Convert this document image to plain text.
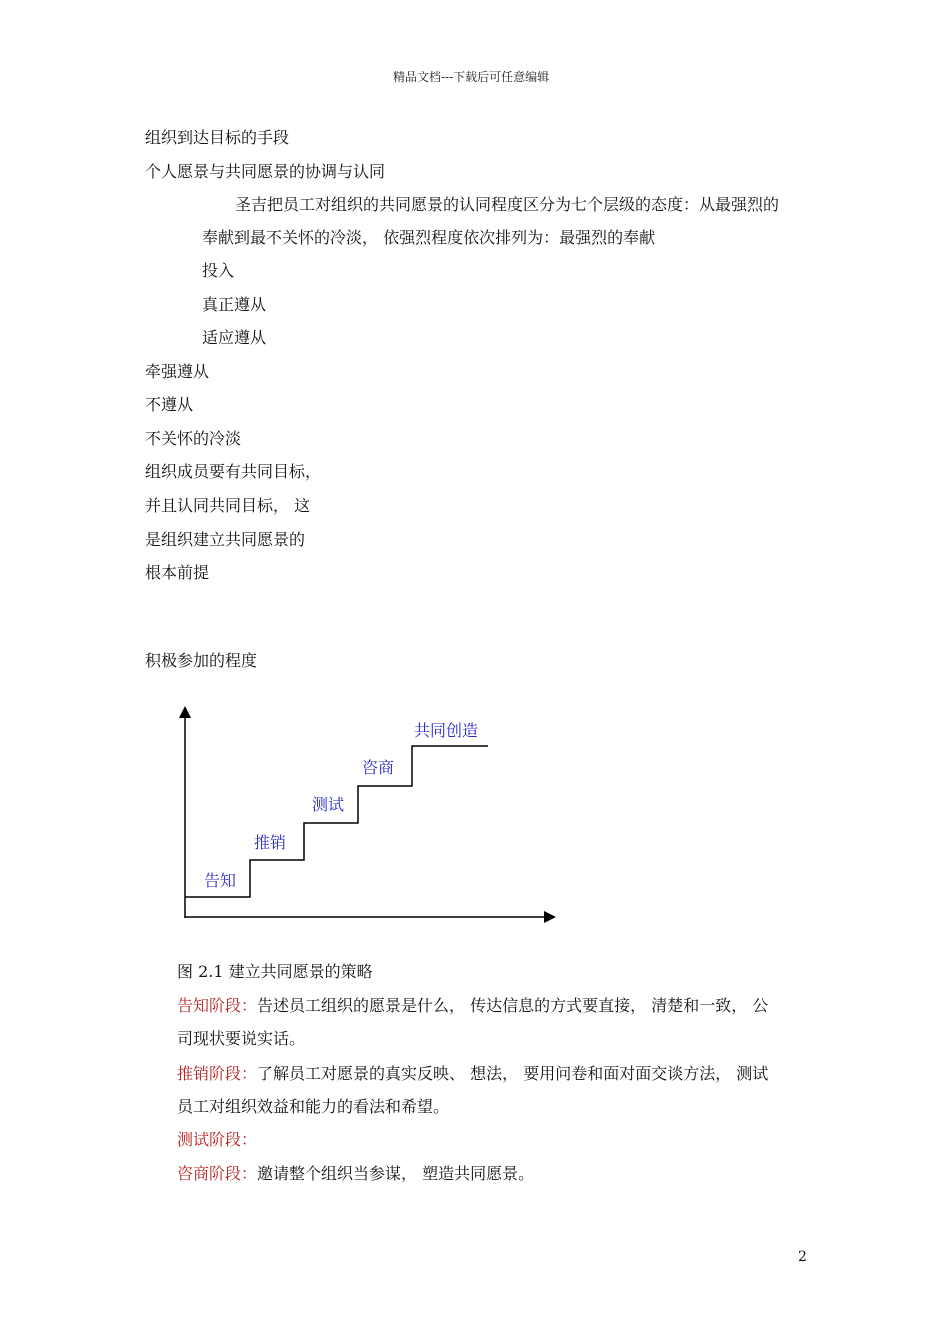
精品文档---下载后可任意编辑
组织到达目标的手段
个人愿景与共同愿景的协调与认同
圣吉把员工对组织的共同愿景的认同程度区分为七个层级的态度：从最强烈的
奉献到最不关怀的冷淡， 依强烈程度依次排列为：最强烈的奉献
投入
真正遵从
适应遵从
牵强遵从
不遵从
不关怀的冷淡
组织成员要有共同目标，
并且认同共同目标， 这
是组织建立共同愿景的
根本前提
积极参加的程度
告知
推销
测试
咨商
共同创造
图 2.1 建立共同愿景的策略
告知阶段：告述员工组织的愿景是什么， 传达信息的方式要直接， 清楚和一致， 公
司现状要说实话。
推销阶段：了解员工对愿景的真实反映、 想法， 要用问卷和面对面交谈方法， 测试
员工对组织效益和能力的看法和希望。
测试阶段：
咨商阶段：邀请整个组织当参谋， 塑造共同愿景。
2
